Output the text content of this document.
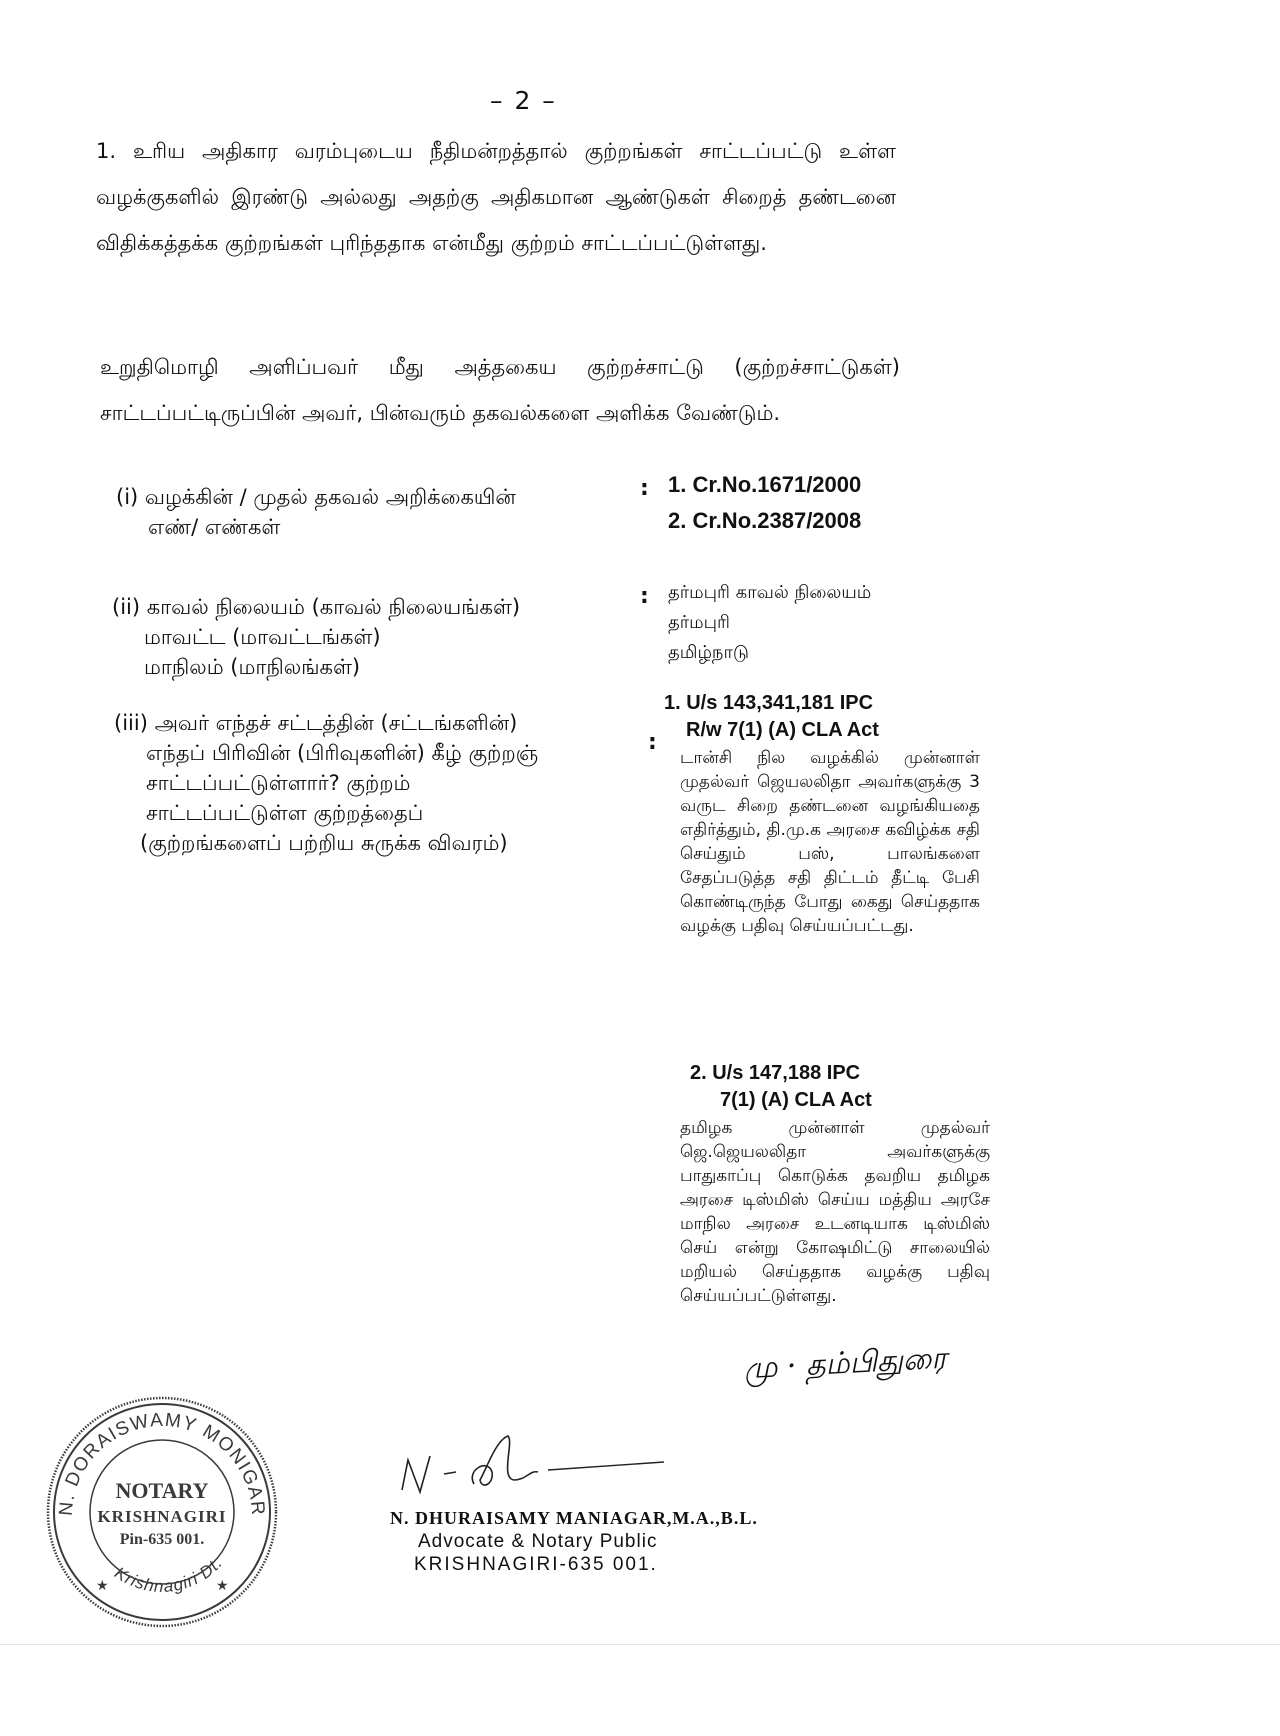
– 2 –
1. உரிய அதிகார வரம்புடைய நீதிமன்றத்தால் குற்றங்கள் சாட்டப்பட்டு உள்ள வழக்குகளில் இரண்டு அல்லது அதற்கு அதிகமான ஆண்டுகள் சிறைத் தண்டனை விதிக்கத்தக்க குற்றங்கள் புரிந்ததாக என்மீது குற்றம் சாட்டப்பட்டுள்ளது.
உறுதிமொழி அளிப்பவர் மீது அத்தகைய குற்றச்சாட்டு (குற்றச்சாட்டுகள்) சாட்டப்பட்டிருப்பின் அவர், பின்வரும் தகவல்களை அளிக்க வேண்டும்.
(i) வழக்கின் / முதல் தகவல் அறிக்கையின்
எண்/ எண்கள்
: 1. Cr.No.1671/2000
2. Cr.No.2387/2008
(ii) காவல் நிலையம் (காவல் நிலையங்கள்)
மாவட்ட (மாவட்டங்கள்)
மாநிலம் (மாநிலங்கள்)
: தர்மபுரி காவல் நிலையம்
தர்மபுரி
தமிழ்நாடு
(iii) அவர் எந்தச் சட்டத்தின் (சட்டங்களின்)
எந்தப் பிரிவின் (பிரிவுகளின்) கீழ் குற்றஞ்
சாட்டப்பட்டுள்ளார்? குற்றம்
சாட்டப்பட்டுள்ள குற்றத்தைப்
(குற்றங்களைப் பற்றிய சுருக்க விவரம்)
:
1. U/s 143,341,181 IPC
R/w 7(1) (A) CLA Act
டான்சி நில வழக்கில் முன்னாள் முதல்வர் ஜெயலலிதா அவர்களுக்கு 3 வருட சிறை தண்டனை வழங்கியதை எதிர்த்தும், தி.மு.க அரசை கவிழ்க்க சதி செய்தும் பஸ், பாலங்களை சேதப்படுத்த சதி திட்டம் தீட்டி பேசி கொண்டிருந்த போது கைது செய்ததாக வழக்கு பதிவு செய்யப்பட்டது.
2. U/s 147,188 IPC
7(1) (A) CLA Act
தமிழக முன்னாள் முதல்வர் ஜெ.ஜெயலலிதா அவர்களுக்கு பாதுகாப்பு கொடுக்க தவறிய தமிழக அரசை டிஸ்மிஸ் செய்ய மத்திய அரசே மாநில அரசை உடனடியாக டிஸ்மிஸ் செய் என்று கோஷமிட்டு சாலையில் மறியல் செய்ததாக வழக்கு பதிவு செய்யப்பட்டுள்ளது.
மு · தம்பிதுரை
N. DORAISWAMY MONIGAR
Krishnagiri Dt.
NOTARY
KRISHNAGIRI
Pin-635 001.
★	★
N. DHURAISAMY MANIAGAR,M.A.,B.L.
Advocate & Notary Public
KRISHNAGIRI-635 001.
